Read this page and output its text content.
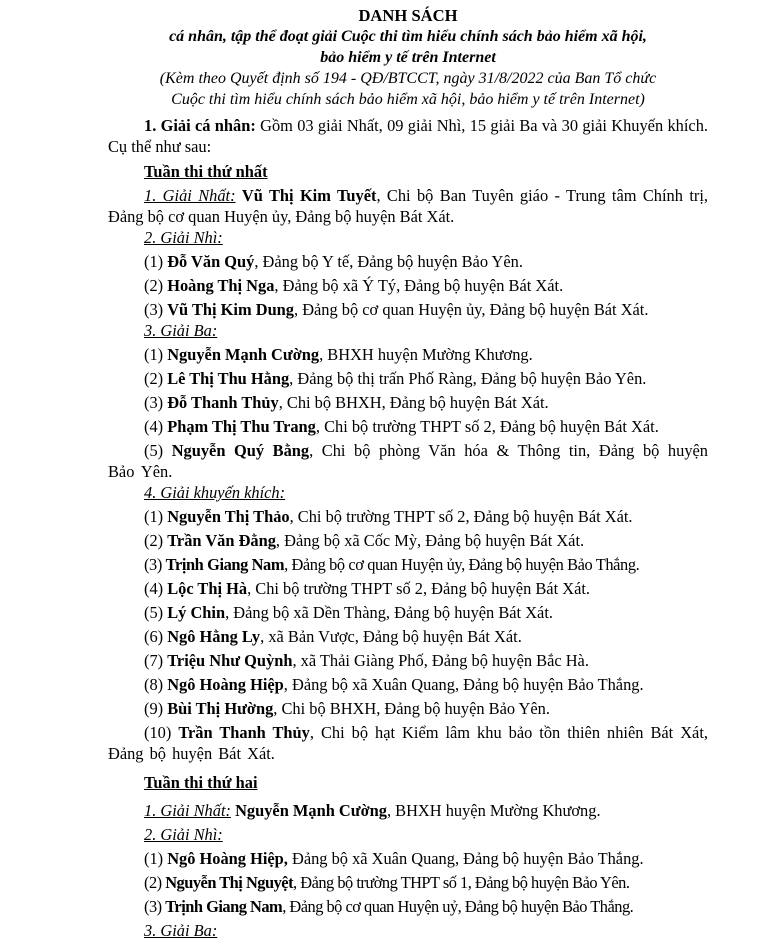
DANH SÁCH
cá nhân, tập thể đoạt giải Cuộc thi tìm hiểu chính sách bảo hiểm xã hội,
bảo hiểm y tế trên Internet
(Kèm theo Quyết định số 194 - QĐ/BTCCT, ngày 31/8/2022 của Ban Tổ chức
Cuộc thi tìm hiểu chính sách bảo hiểm xã hội, bảo hiểm y tế trên Internet)

1. Giải cá nhân: Gồm 03 giải Nhất, 09 giải Nhì, 15 giải Ba và 30 giải Khuyến khích. Cụ thể như sau:

Tuần thi thứ nhất

1. Giải Nhất: Vũ Thị Kim Tuyết, Chi bộ Ban Tuyên giáo - Trung tâm Chính trị, Đảng bộ cơ quan Huyện ủy, Đảng bộ huyện Bát Xát.

2. Giải Nhì:

(1) Đỗ Văn Quý, Đảng bộ Y tế, Đảng bộ huyện Bảo Yên.

(2) Hoàng Thị Nga, Đảng bộ xã Ý Tý, Đảng bộ huyện Bát Xát.

(3) Vũ Thị Kim Dung, Đảng bộ cơ quan Huyện ủy, Đảng bộ huyện Bát Xát.

3. Giải Ba:

(1) Nguyễn Mạnh Cường, BHXH huyện Mường Khương.

(2) Lê Thị Thu Hằng, Đảng bộ thị trấn Phố Ràng, Đảng bộ huyện Bảo Yên.

(3) Đỗ Thanh Thủy, Chi bộ BHXH, Đảng bộ huyện Bát Xát.

(4) Phạm Thị Thu Trang, Chi bộ trường THPT số 2, Đảng bộ huyện Bát Xát.

(5) Nguyễn Quý Bằng, Chi bộ phòng Văn hóa & Thông tin, Đảng bộ huyện Bảo Yên.

4. Giải khuyến khích:

(1) Nguyễn Thị Thảo, Chi bộ trường THPT số 2, Đảng bộ huyện Bát Xát.

(2) Trần Văn Đằng, Đảng bộ xã Cốc Mỳ, Đảng bộ huyện Bát Xát.

(3) Trịnh Giang Nam, Đảng bộ cơ quan Huyện ủy, Đảng bộ huyện Bảo Thắng.

(4) Lộc Thị Hà, Chi bộ trường THPT số 2, Đảng bộ huyện Bát Xát.

(5) Lý Chin, Đảng bộ xã Dền Thàng, Đảng bộ huyện Bát Xát.

(6) Ngô Hằng Ly, xã Bản Vược, Đảng bộ huyện Bát Xát.

(7) Triệu Như Quỳnh, xã Thải Giàng Phố, Đảng bộ huyện Bắc Hà.

(8) Ngô Hoàng Hiệp, Đảng bộ xã Xuân Quang, Đảng bộ huyện Bảo Thắng.

(9) Bùi Thị Hường, Chi bộ BHXH, Đảng bộ huyện Bảo Yên.

(10) Trần Thanh Thủy, Chi bộ hạt Kiểm lâm khu bảo tồn thiên nhiên Bát Xát, Đảng bộ huyện Bát Xát.

Tuần thi thứ hai

1. Giải Nhất: Nguyễn Mạnh Cường, BHXH huyện Mường Khương.

2. Giải Nhì:

(1) Ngô Hoàng Hiệp, Đảng bộ xã Xuân Quang, Đảng bộ huyện Bảo Thắng.

(2) Nguyễn Thị Nguyệt, Đảng bộ trường THPT số 1, Đảng bộ huyện Bảo Yên.

(3) Trịnh Giang Nam, Đảng bộ cơ quan Huyện uỷ, Đảng bộ huyện Bảo Thắng.

3. Giải Ba:
